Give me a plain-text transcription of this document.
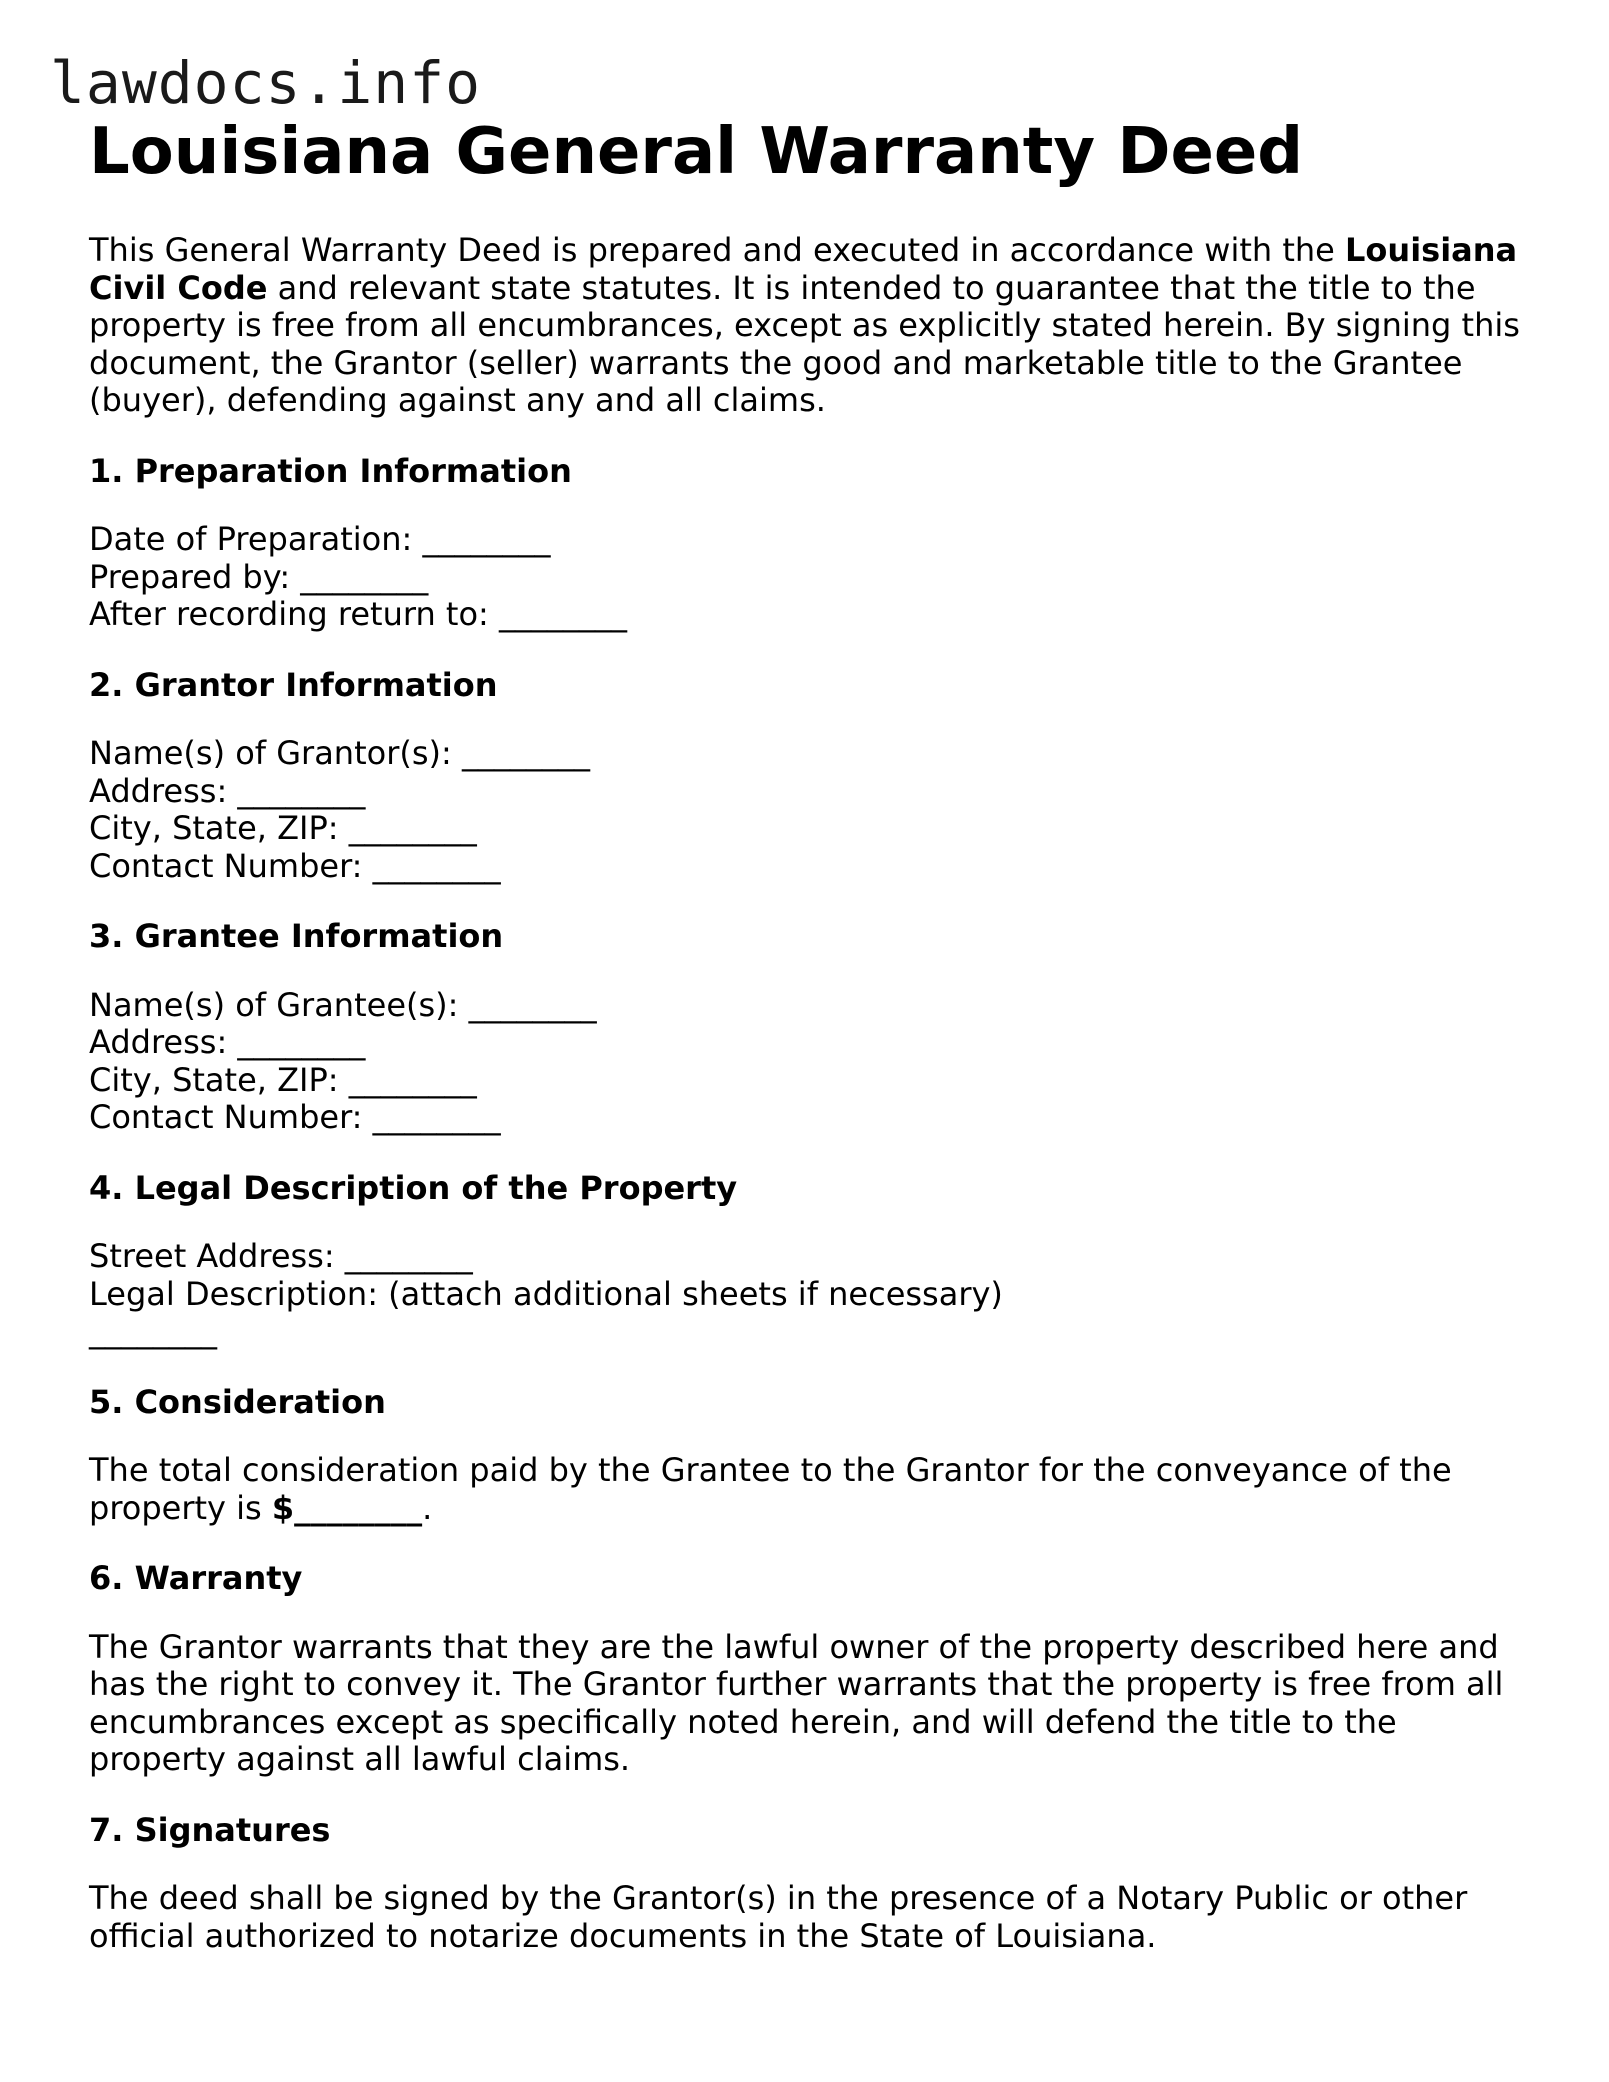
lawdocs.info
Louisiana General Warranty Deed

This General Warranty Deed is prepared and executed in accordance with the Louisiana Civil Code and relevant state statutes. It is intended to guarantee that the title to the property is free from all encumbrances, except as explicitly stated herein. By signing this document, the Grantor (seller) warrants the good and marketable title to the Grantee (buyer), defending against any and all claims.

1. Preparation Information
Date of Preparation: ________
Prepared by: ________
After recording return to: ________
2. Grantor Information
Name(s) of Grantor(s): ________
Address: ________
City, State, ZIP: ________
Contact Number: ________
3. Grantee Information
Name(s) of Grantee(s): ________
Address: ________
City, State, ZIP: ________
Contact Number: ________
4. Legal Description of the Property
Street Address: ________
Legal Description: (attach additional sheets if necessary)
________
5. Consideration

The total consideration paid by the Grantee to the Grantor for the conveyance of the property is $________.

6. Warranty

The Grantor warrants that they are the lawful owner of the property described here and has the right to convey it. The Grantor further warrants that the property is free from all encumbrances except as specifically noted herein, and will defend the title to the property against all lawful claims.

7. Signatures

The deed shall be signed by the Grantor(s) in the presence of a Notary Public or other official authorized to notarize documents in the State of Louisiana.
